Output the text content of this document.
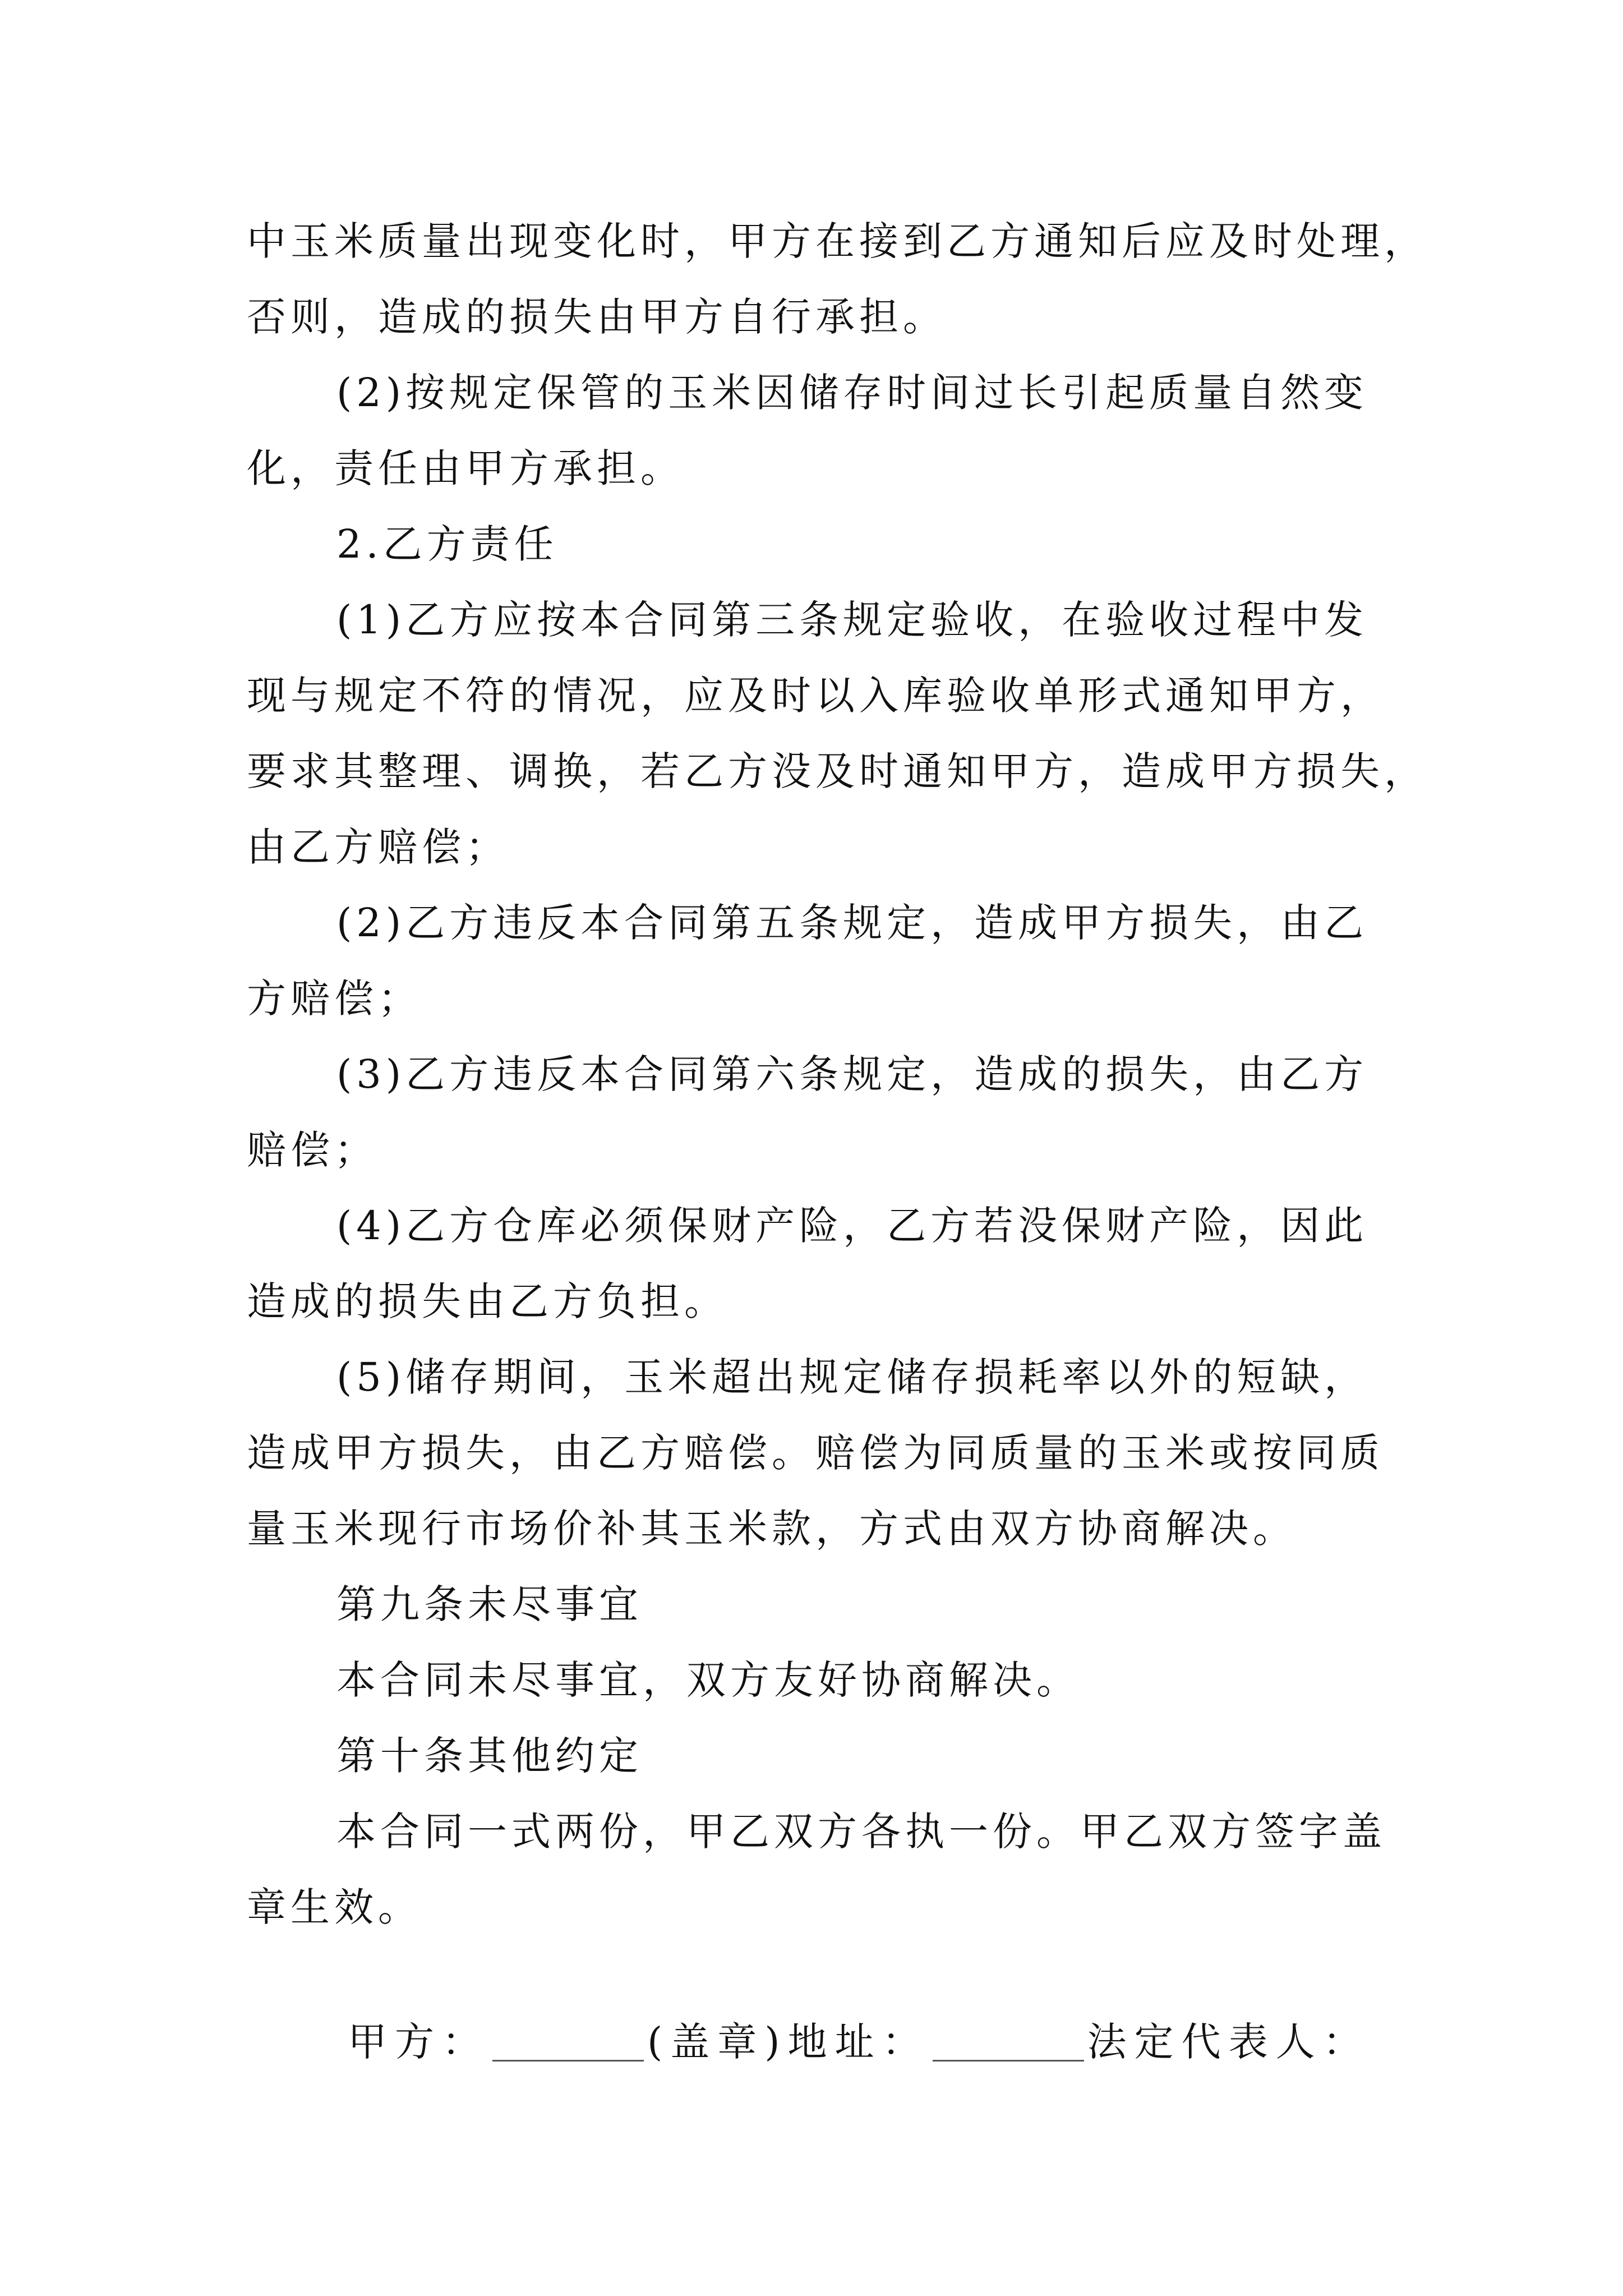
中玉米质量出现变化时，甲方在接到乙方通知后应及时处理，
否则，造成的损失由甲方自行承担。
(2)按规定保管的玉米因储存时间过长引起质量自然变
化，责任由甲方承担。
2.乙方责任
(1)乙方应按本合同第三条规定验收，在验收过程中发
现与规定不符的情况，应及时以入库验收单形式通知甲方，
要求其整理、调换，若乙方没及时通知甲方，造成甲方损失，
由乙方赔偿；
(2)乙方违反本合同第五条规定，造成甲方损失，由乙
方赔偿；
(3)乙方违反本合同第六条规定，造成的损失，由乙方
赔偿；
(4)乙方仓库必须保财产险，乙方若没保财产险，因此
造成的损失由乙方负担。
(5)储存期间，玉米超出规定储存损耗率以外的短缺，
造成甲方损失，由乙方赔偿。赔偿为同质量的玉米或按同质
量玉米现行市场价补其玉米款，方式由双方协商解决。
第九条未尽事宜
本合同未尽事宜，双方友好协商解决。
第十条其他约定
本合同一式两份，甲乙双方各执一份。甲乙双方签字盖
章生效。
甲方：	(盖章)地址：	法定代表人：
